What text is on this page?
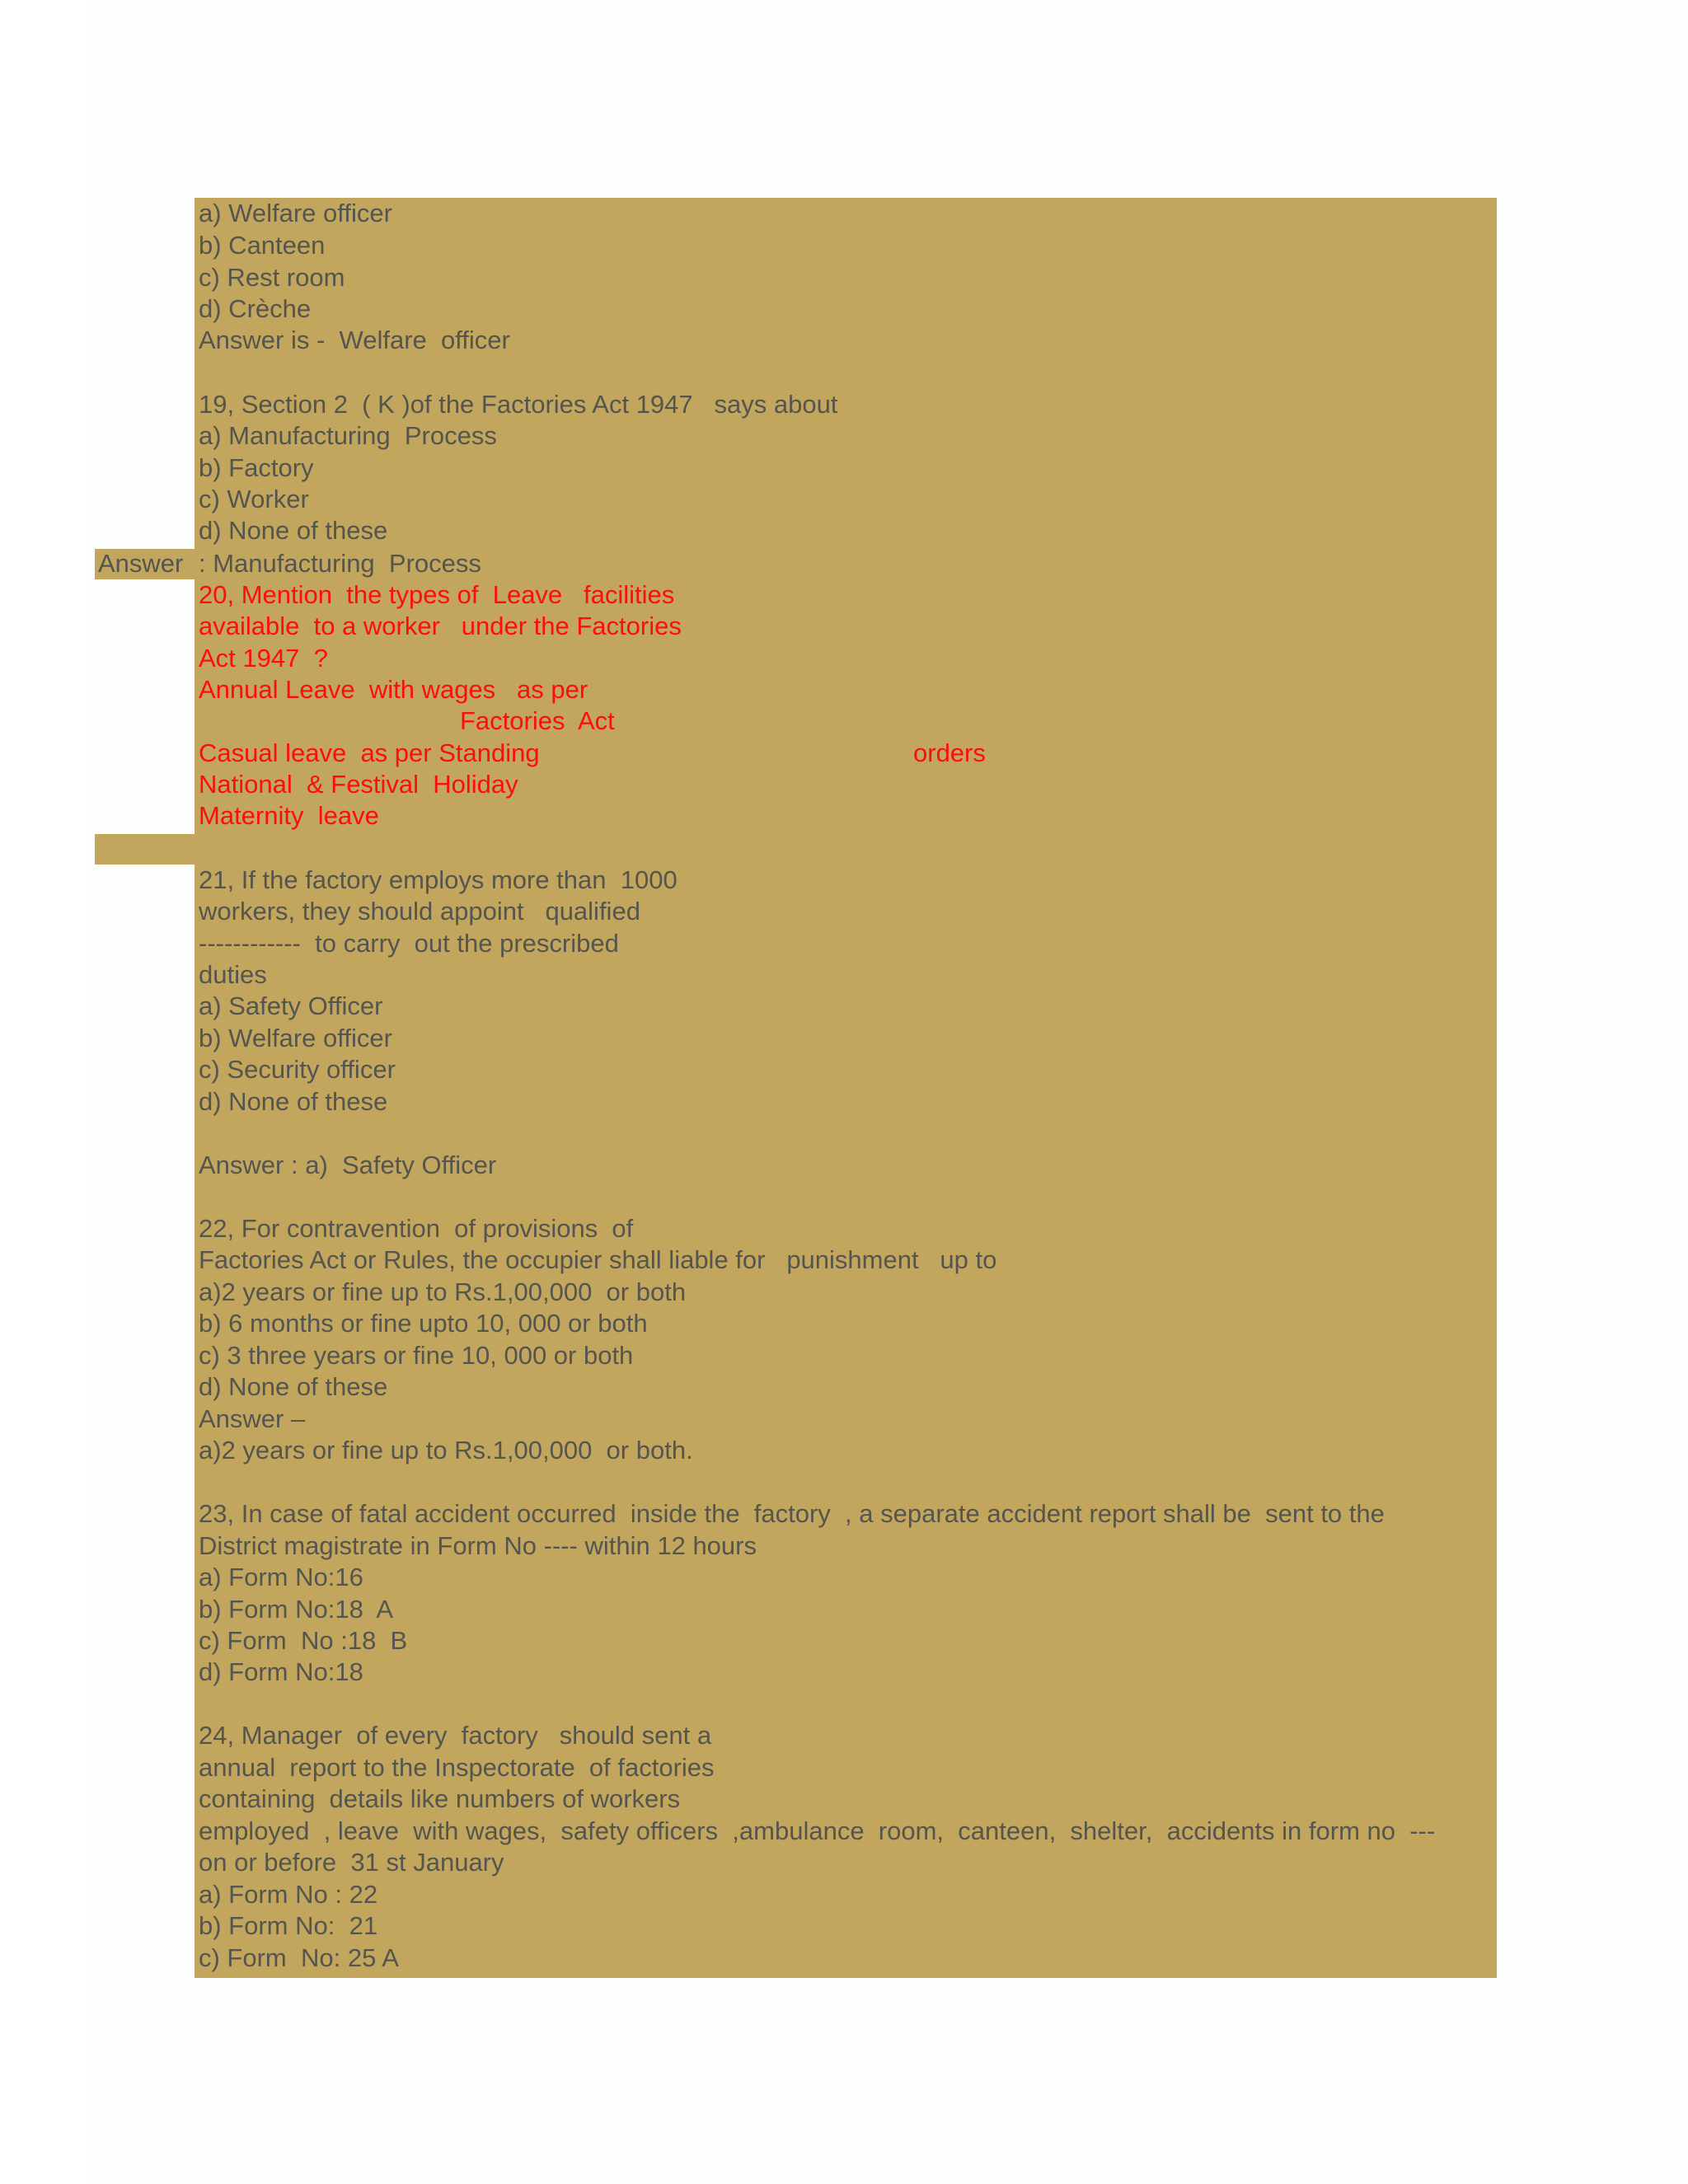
a) Welfare officer

b) Canteen

c) Rest room

d) Crèche

Answer is -  Welfare  officer

19, Section 2  ( K )of the Factories Act 1947   says about

a) Manufacturing  Process

b) Factory

c) Worker

d) None of these

Answer : Manufacturing  Process

20, Mention  the types of  Leave   facilities

available  to a worker   under the Factories

Act 1947  ?

Annual Leave  with wages   as per

Factories  Act

Casual leave  as per Standing	orders

National  & Festival  Holiday

Maternity  leave

21, If the factory employs more than  1000

workers, they should appoint   qualified

------------  to carry  out the prescribed

duties

a) Safety Officer

b) Welfare officer

c) Security officer

d) None of these

Answer : a)  Safety Officer

22, For contravention  of provisions  of

Factories Act or Rules, the occupier shall liable for   punishment   up to

a)2 years or fine up to Rs.1,00,000  or both

b) 6 months or fine upto 10, 000 or both

c) 3 three years or fine 10, 000 or both

d) None of these

Answer –

a)2 years or fine up to Rs.1,00,000  or both.

23, In case of fatal accident occurred  inside the  factory  , a separate accident report shall be  sent to the

District magistrate in Form No ---- within 12 hours

a) Form No:16

b) Form No:18  A

c) Form  No :18  B

d) Form No:18

24, Manager  of every  factory   should sent a

annual  report to the Inspectorate  of factories

containing  details like numbers of workers

employed  , leave  with wages,  safety officers  ,ambulance  room,  canteen,  shelter,  accidents in form no  ---

on or before  31 st January

a) Form No : 22

b) Form No:  21

c) Form  No: 25 A
